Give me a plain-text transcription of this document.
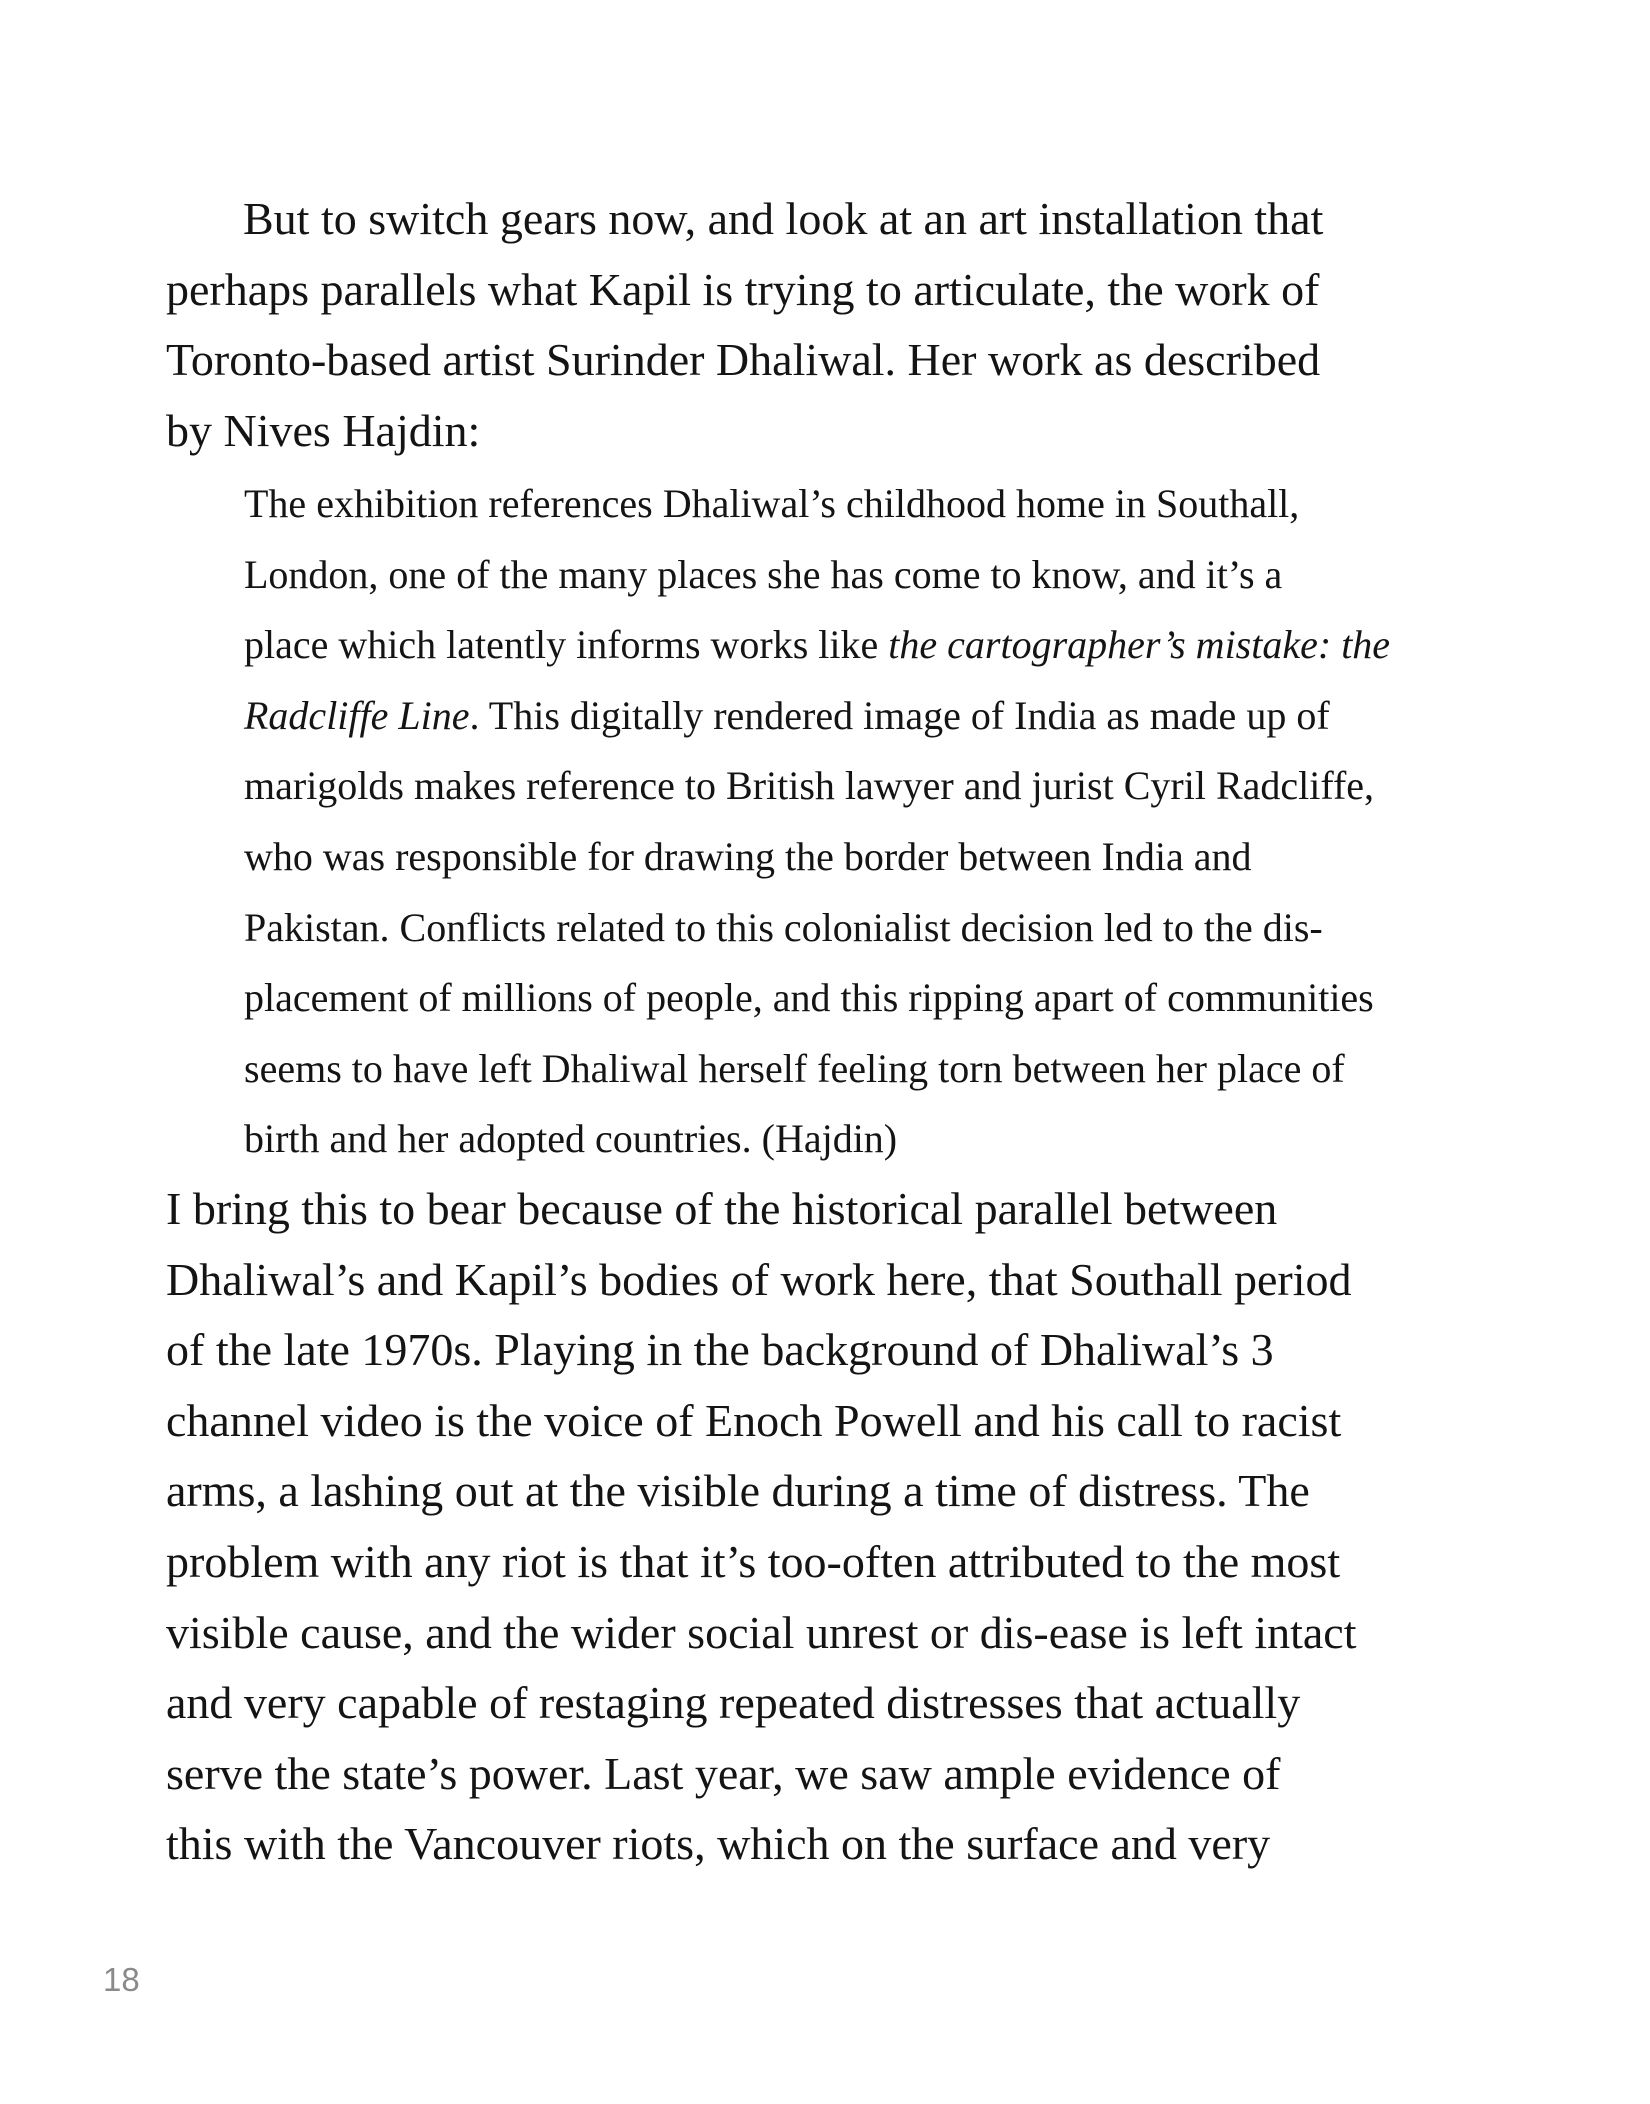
But to switch gears now, and look at an art installation that
perhaps parallels what Kapil is trying to articulate, the work of
Toronto-based artist Surinder Dhaliwal. Her work as described
by Nives Hajdin:
The exhibition references Dhaliwal’s childhood home in Southall,
London, one of the many places she has come to know, and it’s a
place which latently informs works like the cartographer’s mistake: the
Radcliffe Line. This digitally rendered image of India as made up of
marigolds makes reference to British lawyer and jurist Cyril Radcliffe,
who was responsible for drawing the border between India and
Pakistan. Conflicts related to this colonialist decision led to the dis-
placement of millions of people, and this ripping apart of communities
seems to have left Dhaliwal herself feeling torn between her place of
birth and her adopted countries. (Hajdin)
I bring this to bear because of the historical parallel between
Dhaliwal’s and Kapil’s bodies of work here, that Southall period
of the late 1970s. Playing in the background of Dhaliwal’s 3
channel video is the voice of Enoch Powell and his call to racist
arms, a lashing out at the visible during a time of distress. The
problem with any riot is that it’s too-often attributed to the most
visible cause, and the wider social unrest or dis-ease is left intact
and very capable of restaging repeated distresses that actually
serve the state’s power. Last year, we saw ample evidence of
this with the Vancouver riots, which on the surface and very
18
